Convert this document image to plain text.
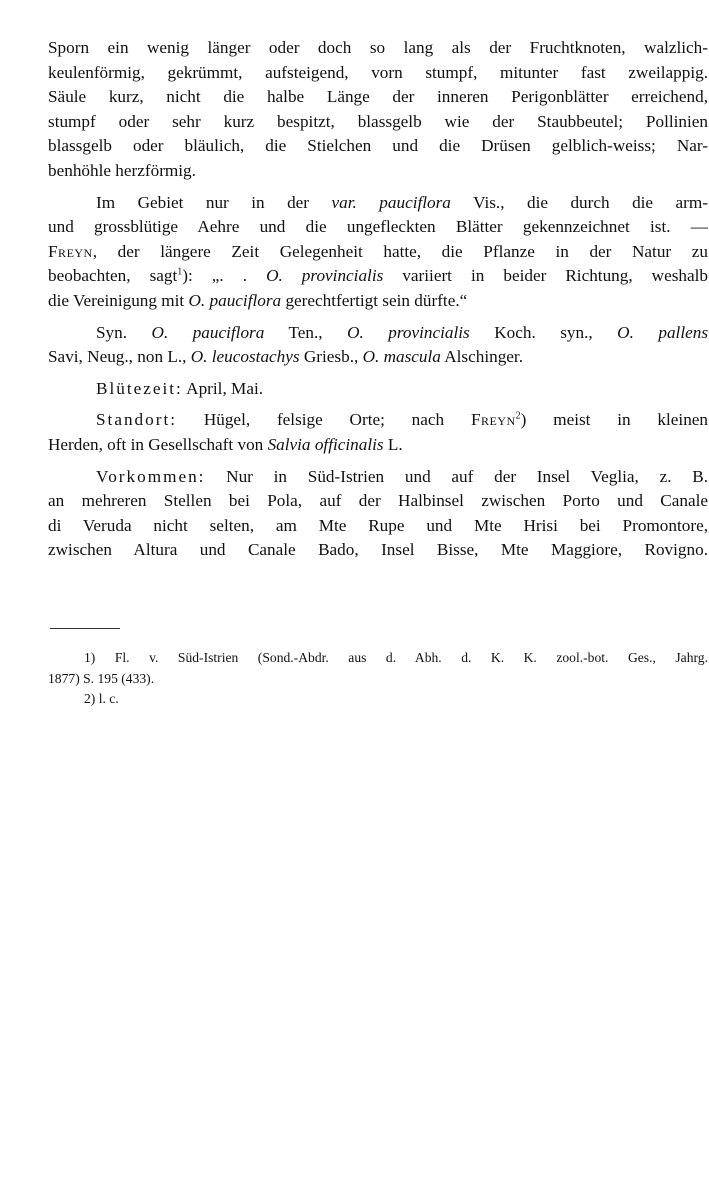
Sporn ein wenig länger oder doch so lang als der Fruchtknoten, walzlich-

keulenförmig, gekrümmt, aufsteigend, vorn stumpf, mitunter fast zweilappig.

Säule kurz, nicht die halbe Länge der inneren Perigonblätter erreichend,

stumpf oder sehr kurz bespitzt, blassgelb wie der Staubbeutel; Pollinien

blassgelb oder bläulich, die Stielchen und die Drüsen gelblich-weiss; Nar-

benhöhle herzförmig.

Im Gebiet nur in der var. pauciflora Vis., die durch die arm-

und grossblütige Aehre und die ungefleckten Blätter gekennzeichnet ist. —

Freyn, der längere Zeit Gelegenheit hatte, die Pflanze in der Natur zu

beobachten, sagt$^1$): „. . O. provincialis variiert in beider Richtung, weshalb

die Vereinigung mit O. pauciflora gerechtfertigt sein dürfte.“

Syn. O. pauciflora Ten., O. provincialis Koch. syn., O. pallens

Savi, Neug., non L., O. leucostachys Griesb., O. mascula Alschinger.

Blütezeit: April, Mai.

Standort: Hügel, felsige Orte; nach Freyn$^2$) meist in kleinen

Herden, oft in Gesellschaft von Salvia officinalis L.

Vorkommen: Nur in Süd-Istrien und auf der Insel Veglia, z. B.

an mehreren Stellen bei Pola, auf der Halbinsel zwischen Porto und Canale

di Veruda nicht selten, am Mte Rupe und Mte Hrisi bei Promontore,

zwischen Altura und Canale Bado, Insel Bisse, Mte Maggiore, Rovigno.

1) Fl. v. Süd-Istrien (Sond.-Abdr. aus d. Abh. d. K. K. zool.-bot. Ges., Jahrg.

1877) S. 195 (433).

2) l. c.
